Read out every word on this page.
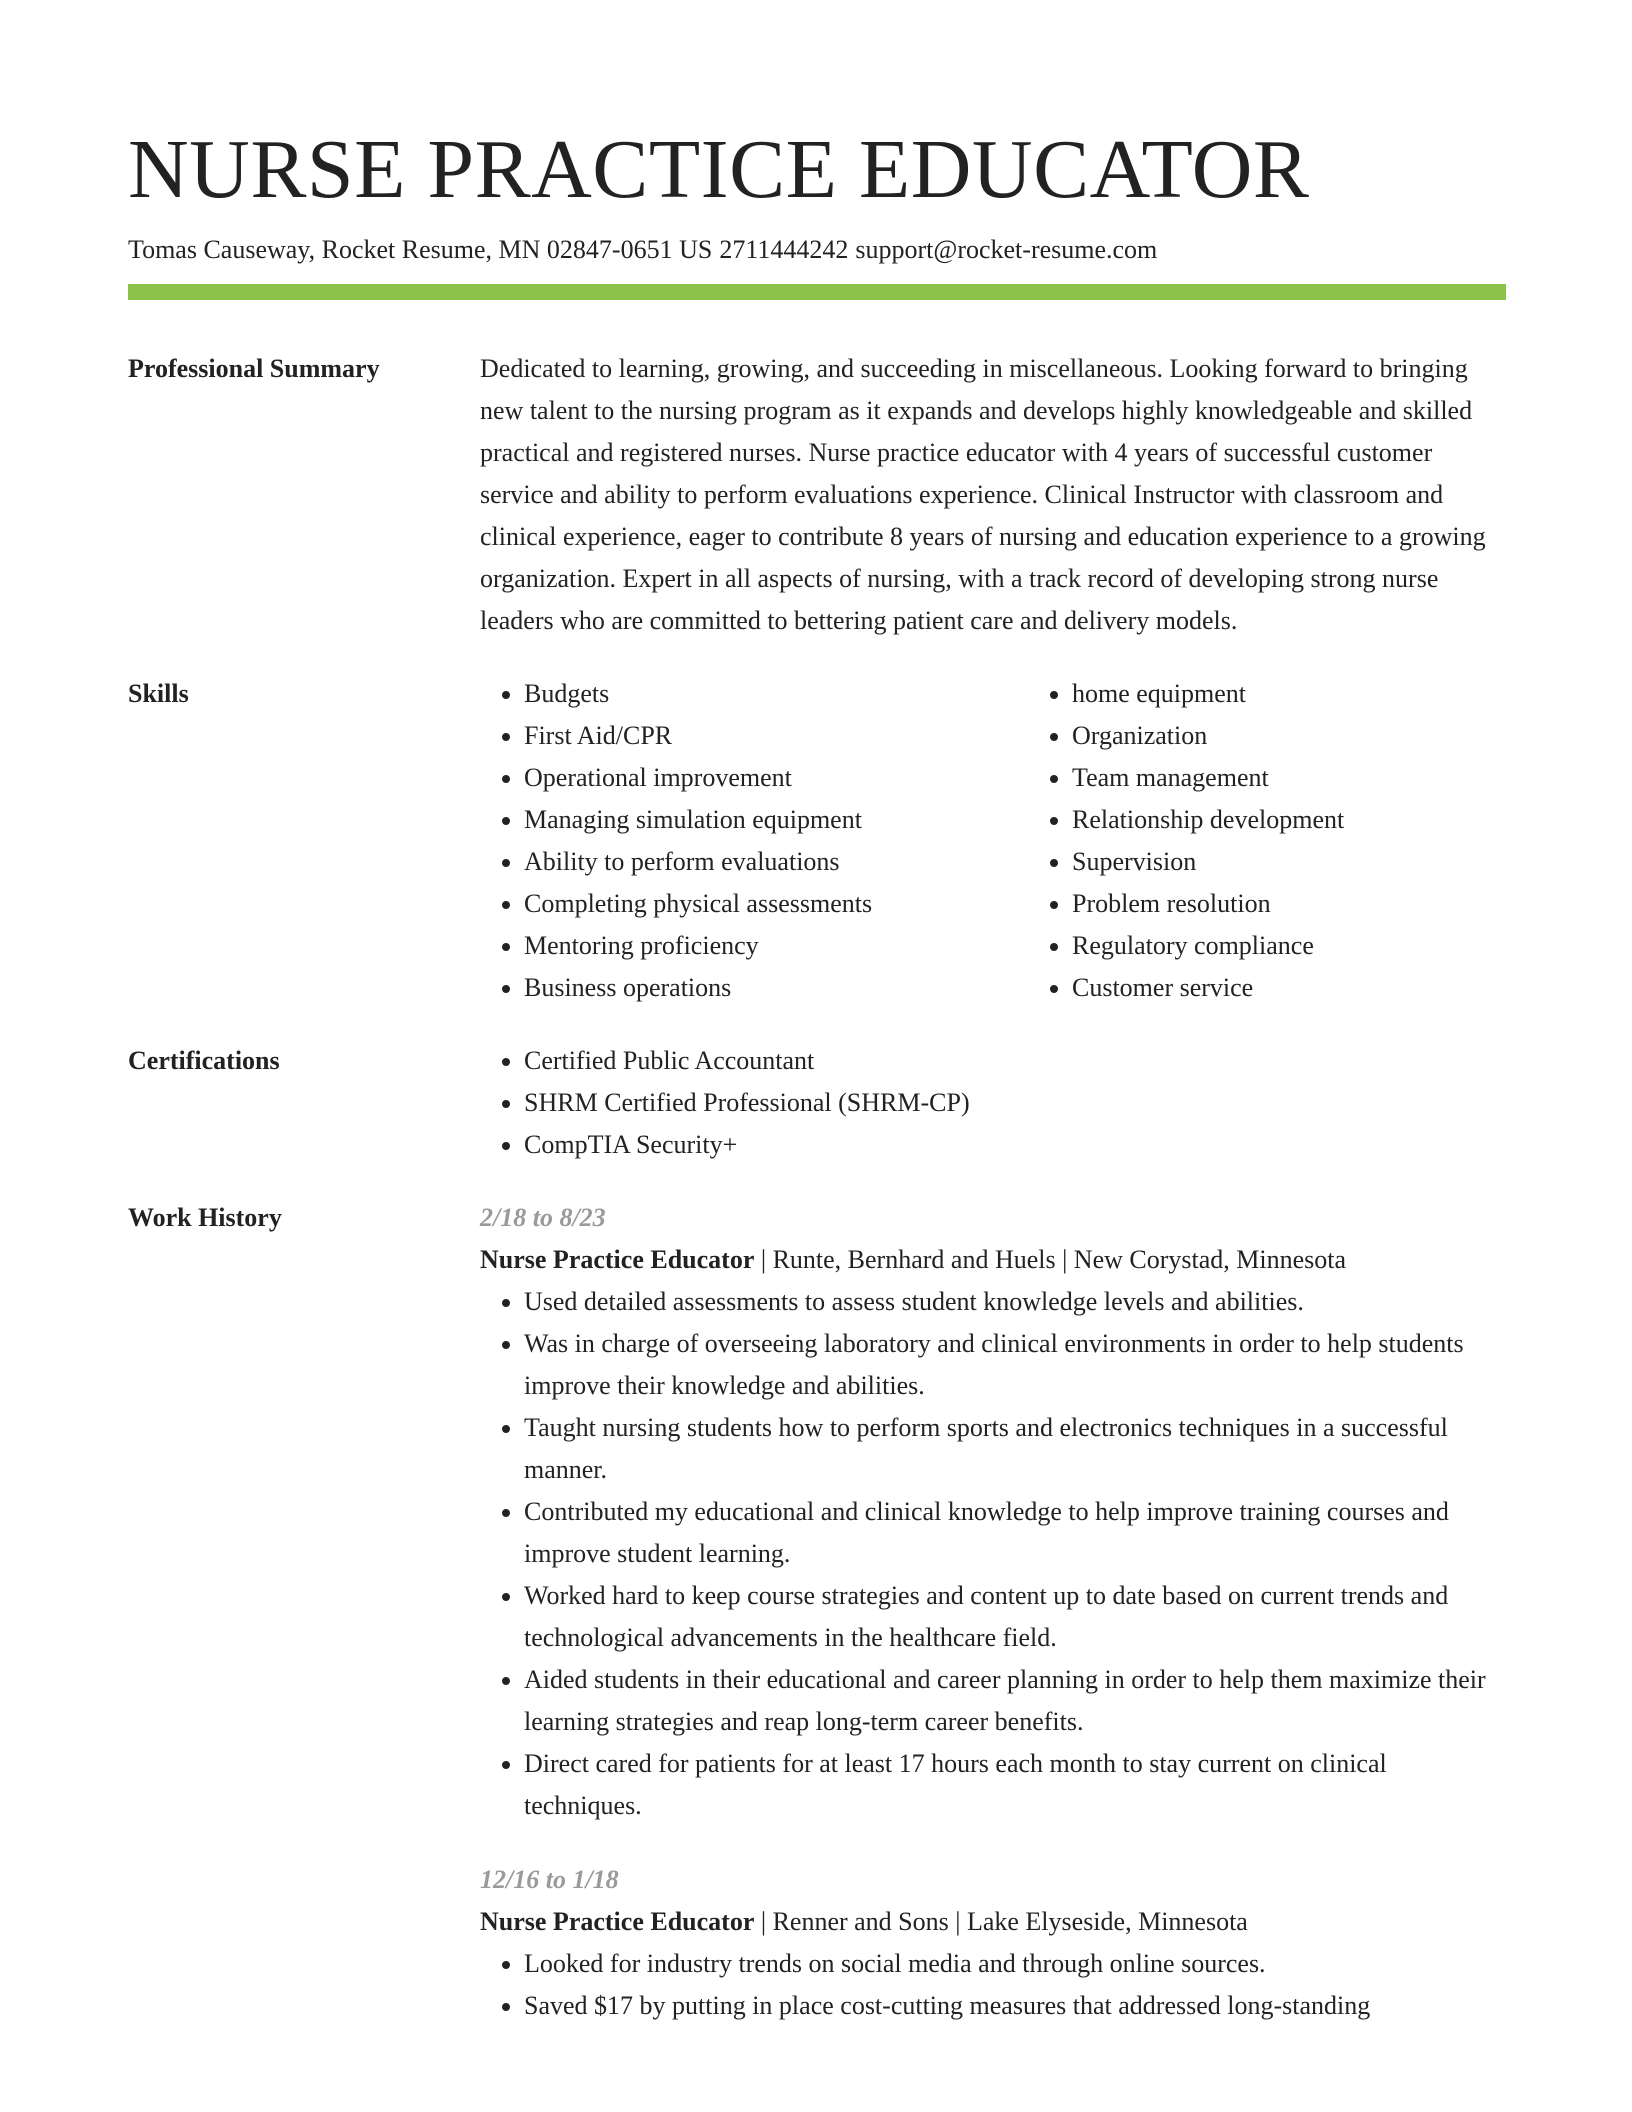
NURSE PRACTICE EDUCATOR
Tomas Causeway, Rocket Resume, MN 02847-0651 US 2711444242 support@rocket-resume.com
Professional Summary	Dedicated to learning, growing, and succeeding in miscellaneous. Looking forward to bringing new talent to the nursing program as it expands and develops highly knowledgeable and skilled practical and registered nurses. Nurse practice educator with 4 years of successful customer service and ability to perform evaluations experience. Clinical Instructor with classroom and clinical experience, eager to contribute 8 years of nursing and education experience to a growing organization. Expert in all aspects of nursing, with a track record of developing strong nurse leaders who are committed to bettering patient care and delivery models.

Skills	• Budgets
• First Aid/CPR
• Operational improvement
• Managing simulation equipment
• Ability to perform evaluations
• Completing physical assessments
• Mentoring proficiency
• Business operations
• home equipment
• Organization
• Team management
• Relationship development
• Supervision
• Problem resolution
• Regulatory compliance
• Customer service
Certifications	• Certified Public Accountant
• SHRM Certified Professional (SHRM-CP)
• CompTIA Security+
Work History	2/18 to 8/23
Nurse Practice Educator | Runte, Bernhard and Huels | New Corystad, Minnesota
• Used detailed assessments to assess student knowledge levels and abilities.
• Was in charge of overseeing laboratory and clinical environments in order to help students improve their knowledge and abilities.
• Taught nursing students how to perform sports and electronics techniques in a successful manner.
• Contributed my educational and clinical knowledge to help improve training courses and improve student learning.
• Worked hard to keep course strategies and content up to date based on current trends and technological advancements in the healthcare field.
• Aided students in their educational and career planning in order to help them maximize their learning strategies and reap long-term career benefits.
• Direct cared for patients for at least 17 hours each month to stay current on clinical techniques.
12/16 to 1/18
Nurse Practice Educator | Renner and Sons | Lake Elyseside, Minnesota
• Looked for industry trends on social media and through online sources.
• Saved $17 by putting in place cost-cutting measures that addressed long-standing
